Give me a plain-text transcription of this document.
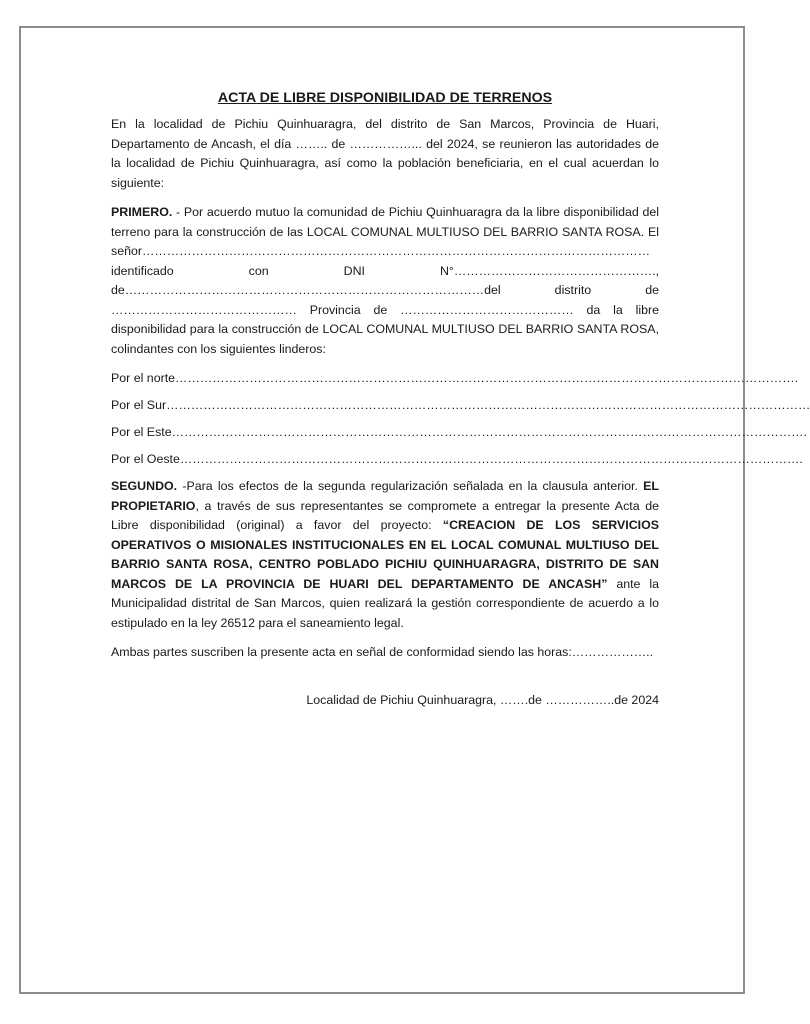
ACTA DE LIBRE DISPONIBILIDAD DE TERRENOS

En la localidad de Pichiu Quinhuaragra, del distrito de San Marcos, Provincia de Huari, Departamento de Ancash, el día …….. de ……………... del 2024, se reunieron las autoridades de la localidad de Pichiu Quinhuaragra, así como la población beneficiaria, en el cual acuerdan lo siguiente:

PRIMERO. - Por acuerdo mutuo la comunidad de Pichiu Quinhuaragra da la libre disponibilidad del terreno para la construcción de las LOCAL COMUNAL MULTIUSO DEL BARRIO SANTA ROSA. El señor……………………………………………………………………………………………………………identificado con DNI N°…………………………………………., de……………………………………………………………………………del distrito de ……………………………………… Provincia de …………………………………… da la libre disponibilidad para la construcción de LOCAL COMUNAL MULTIUSO DEL BARRIO SANTA ROSA, colindantes con los siguientes linderos:

Por el norte…………………………………………………………………………………………………………………………………….
Por el Sur…………………………………………………………………………………………………………………………………………
Por el Este……………………………………………………………………………………………………………………………………….
Por el Oeste…………………………………………………………………………………………………………………………………….

SEGUNDO. -Para los efectos de la segunda regularización señalada en la clausula anterior. EL PROPIETARIO, a través de sus representantes se compromete a entregar la presente Acta de Libre disponibilidad (original) a favor del proyecto: “CREACION DE LOS SERVICIOS OPERATIVOS O MISIONALES INSTITUCIONALES EN EL LOCAL COMUNAL MULTIUSO DEL BARRIO SANTA ROSA, CENTRO POBLADO PICHIU QUINHUARAGRA, DISTRITO DE SAN MARCOS DE LA PROVINCIA DE HUARI DEL DEPARTAMENTO DE ANCASH” ante la Municipalidad distrital de San Marcos, quien realizará la gestión correspondiente de acuerdo a lo estipulado en la ley 26512 para el saneamiento legal.

Ambas partes suscriben la presente acta en señal de conformidad siendo las horas:………………..

Localidad de Pichiu Quinhuaragra, …….de ……………..de 2024
